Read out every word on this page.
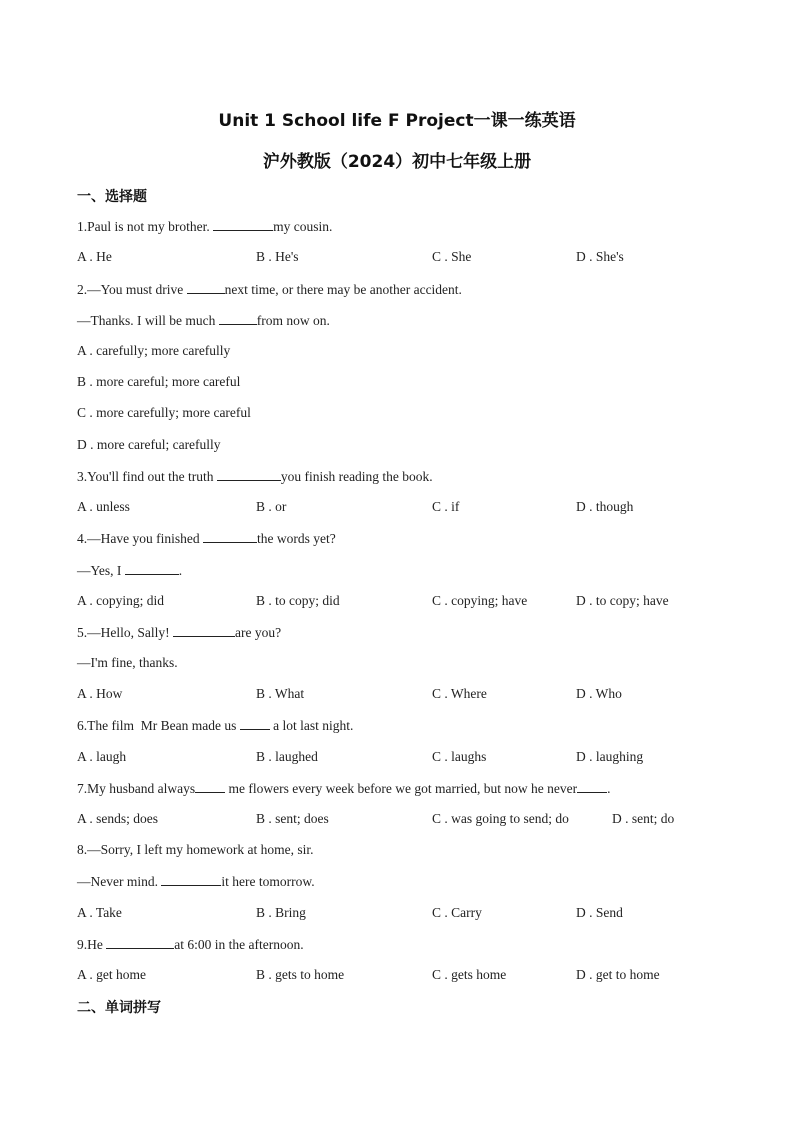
Unit 1 School life F Project一课一练英语
沪外教版（2024）初中七年级上册
一、选择题
1.Paul is not my brother.	my cousin.
A . He	B . He's	C . She	D . She's
2.—You must drive	next time, or there may be another accident.
—Thanks. I will be much	from now on.
A . carefully; more carefully
B . more careful; more careful
C . more carefully; more careful
D . more careful; carefully
3.You'll find out the truth	you finish reading the book.
A . unless	B . or	C . if	D . though
4.—Have you finished	the words yet?
—Yes, I	.
A . copying; did	B . to copy; did	C . copying; have	D . to copy; have
5.—Hello, Sally!	are you?
—I'm fine, thanks.
A . How	B . What	C . Where	D . Who
6.The film  Mr Bean made us  a lot last night.
A . laugh	B . laughed	C . laughs	D . laughing
7.My husband always me flowers every week before we got married, but now he never .
A . sends; does	B . sent; does	C . was going to send; do	D . sent; do
8.—Sorry, I left my homework at home, sir.
—Never mind.	it here tomorrow.
A . Take	B . Bring	C . Carry	D . Send
9.He	at 6:00 in the afternoon.
A . get home	B . gets to home	C . gets home	D . get to home
二、单词拼写
